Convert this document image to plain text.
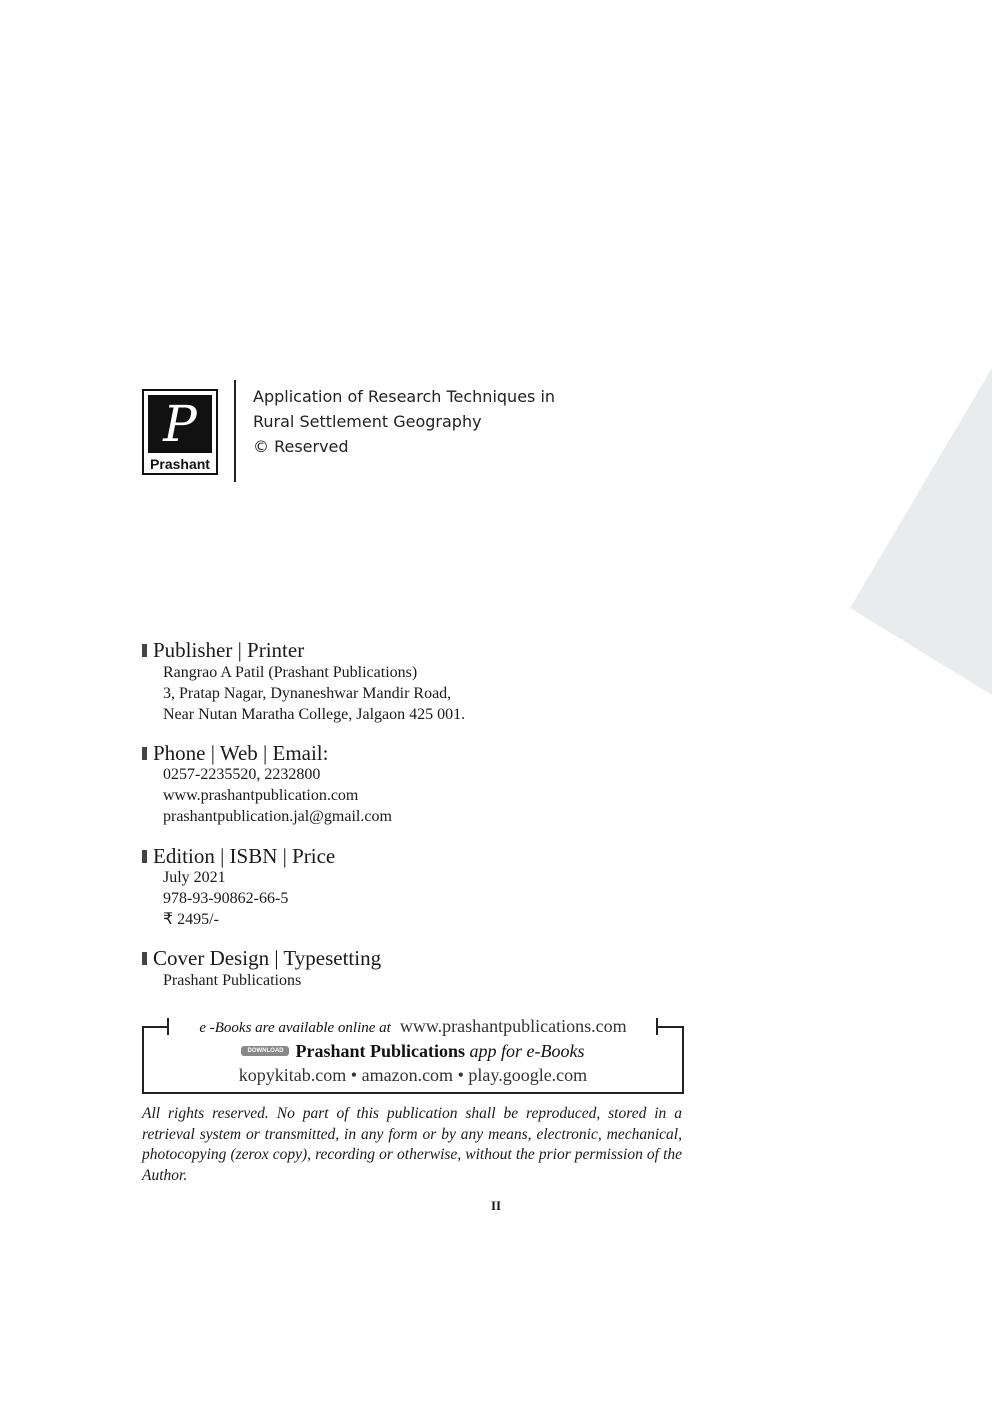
P
Prashant
Application of Research Techniques in
Rural Settlement Geography
© Reserved
Publisher | Printer
Rangrao A Patil (Prashant Publications)
3, Pratap Nagar, Dynaneshwar Mandir Road,
Near Nutan Maratha College, Jalgaon 425 001.
Phone | Web | Email:
0257-2235520, 2232800
www.prashantpublication.com
prashantpublication.jal@gmail.com
Edition | ISBN | Price
July 2021
978-93-90862-66-5
₹ 2495/-
Cover Design | Typesetting
Prashant Publications
e -Books are available online at www.prashantpublications.com
DOWNLOAD Prashant Publications app for e-Books
kopykitab.com • amazon.com • play.google.com
All rights reserved. No part of this publication shall be reproduced, stored in a retrieval system or transmitted, in any form or by any means, electronic, mechanical, photocopying (zerox copy), recording or otherwise, without the prior permission of the Author.
II
